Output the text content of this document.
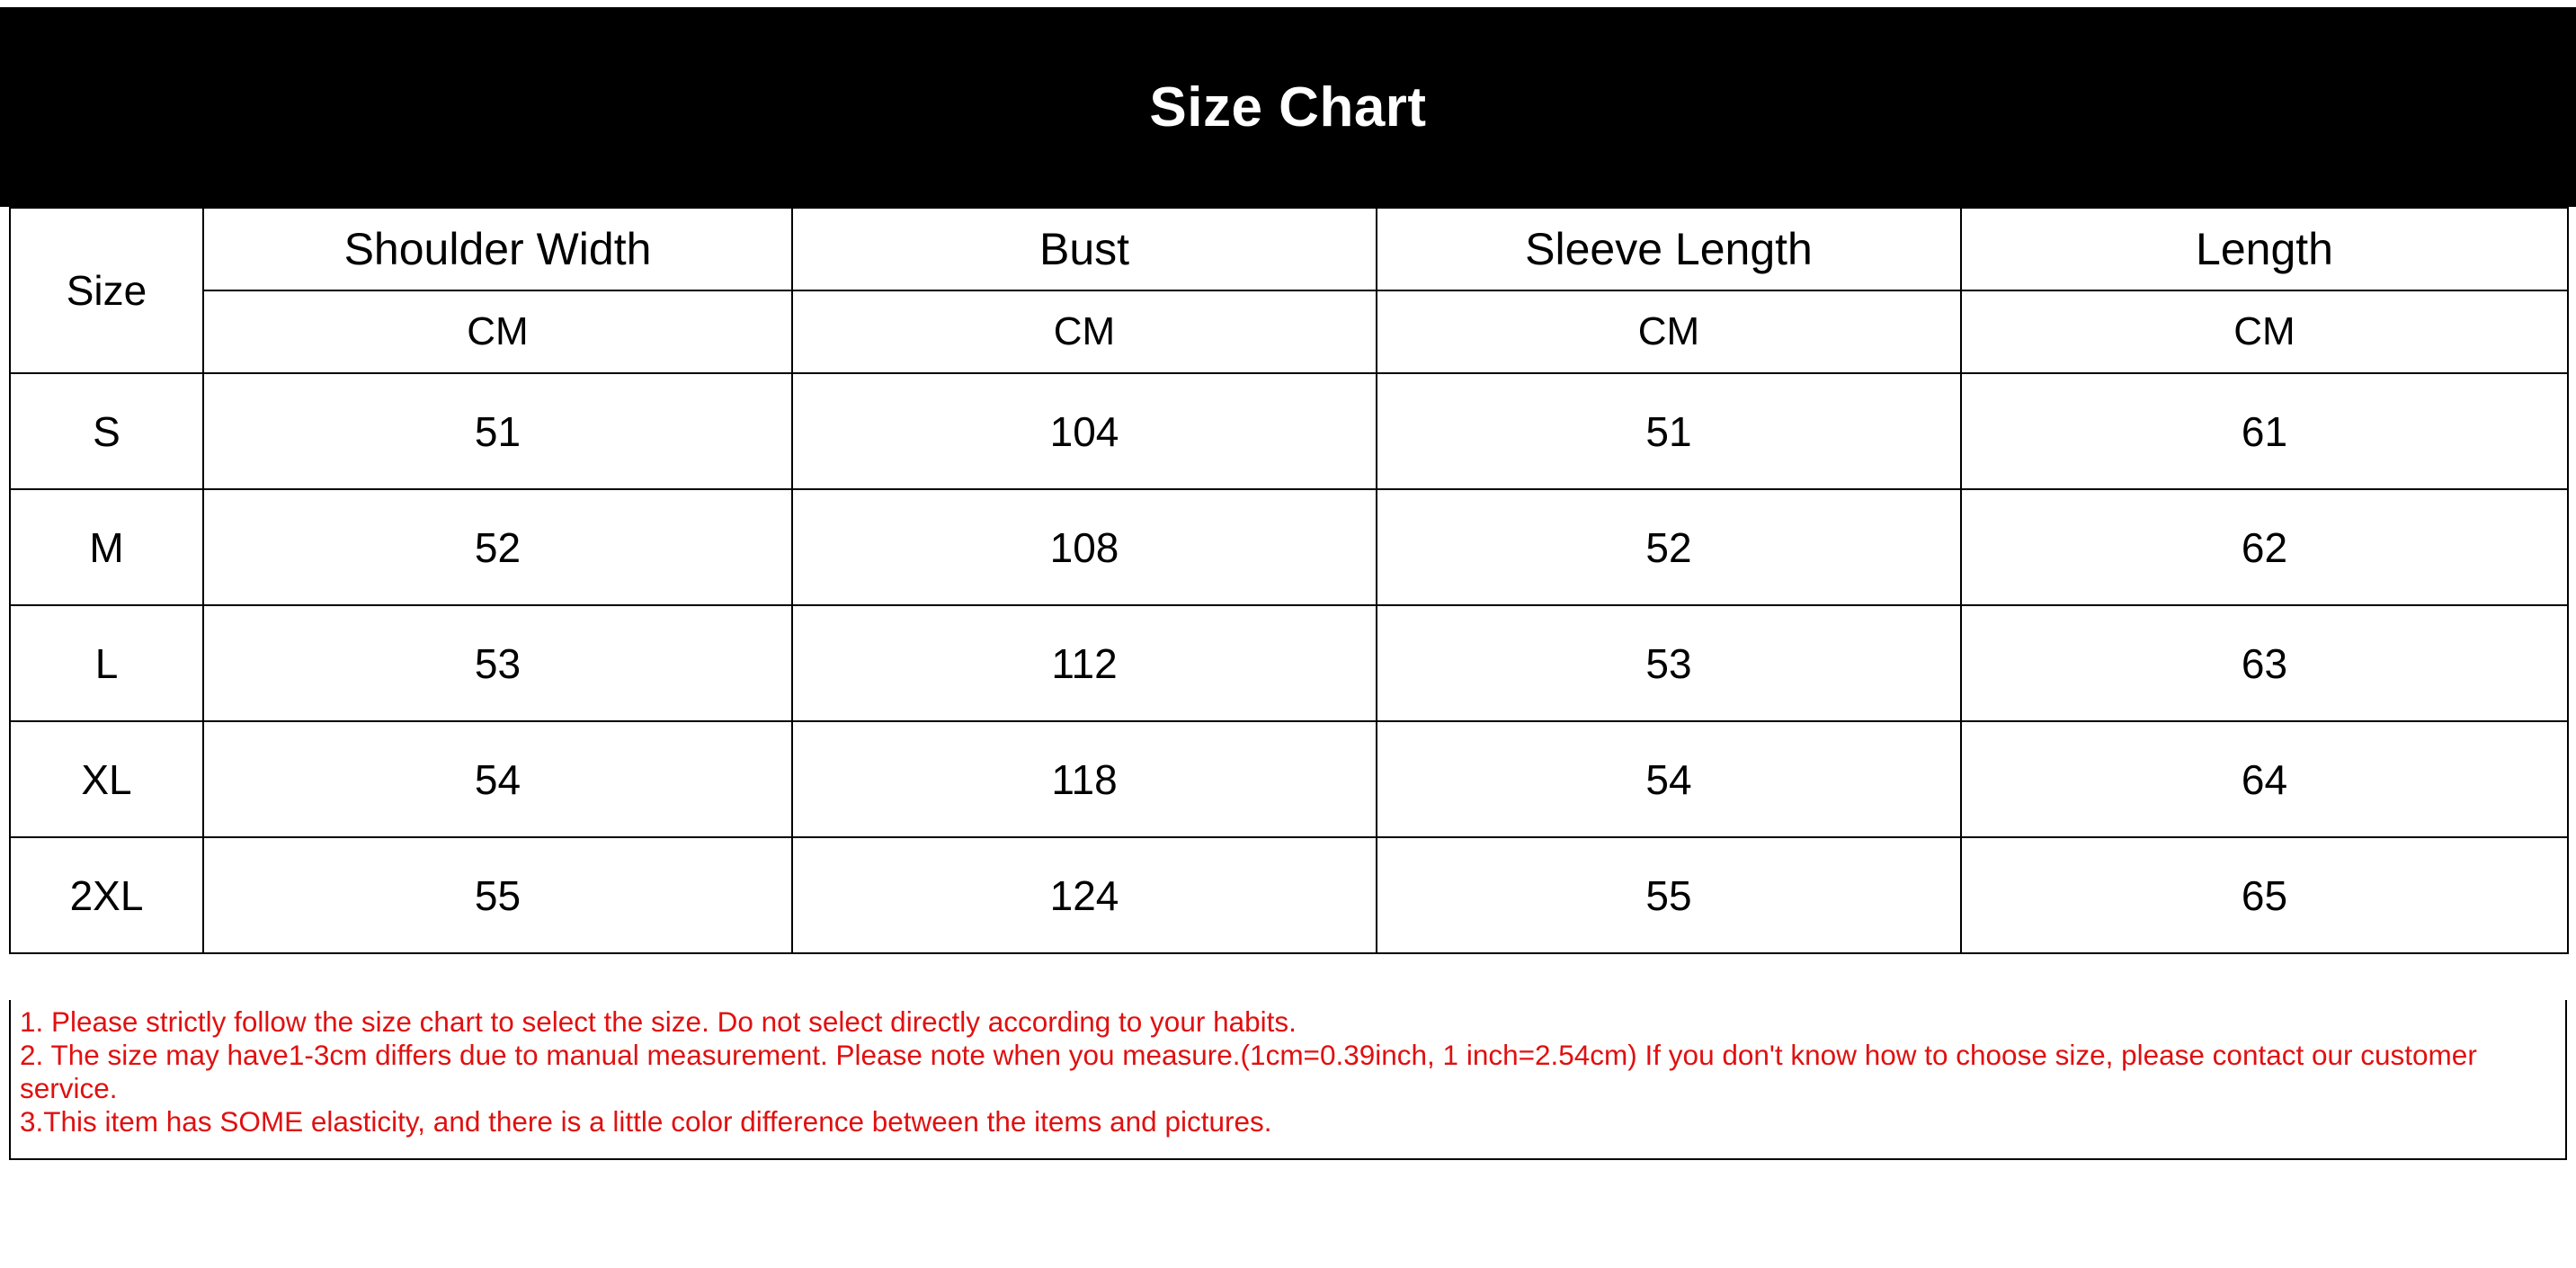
Size Chart
Size	Shoulder Width	Bust	Sleeve Length	Length
	CM	CM	CM	CM
S	51	104	51	61
M	52	108	52	62
L	53	112	53	63
XL	54	118	54	64
2XL	55	124	55	65

1. Please strictly follow the size chart to select the size. Do not select directly according to your habits.

2. The size may have1-3cm differs due to manual measurement. Please note when you measure.(1cm=0.39inch, 1 inch=2.54cm) If you don't know how to choose size, please contact our customer service.

3.This item has SOME elasticity, and there is a little color difference between the items and pictures.
